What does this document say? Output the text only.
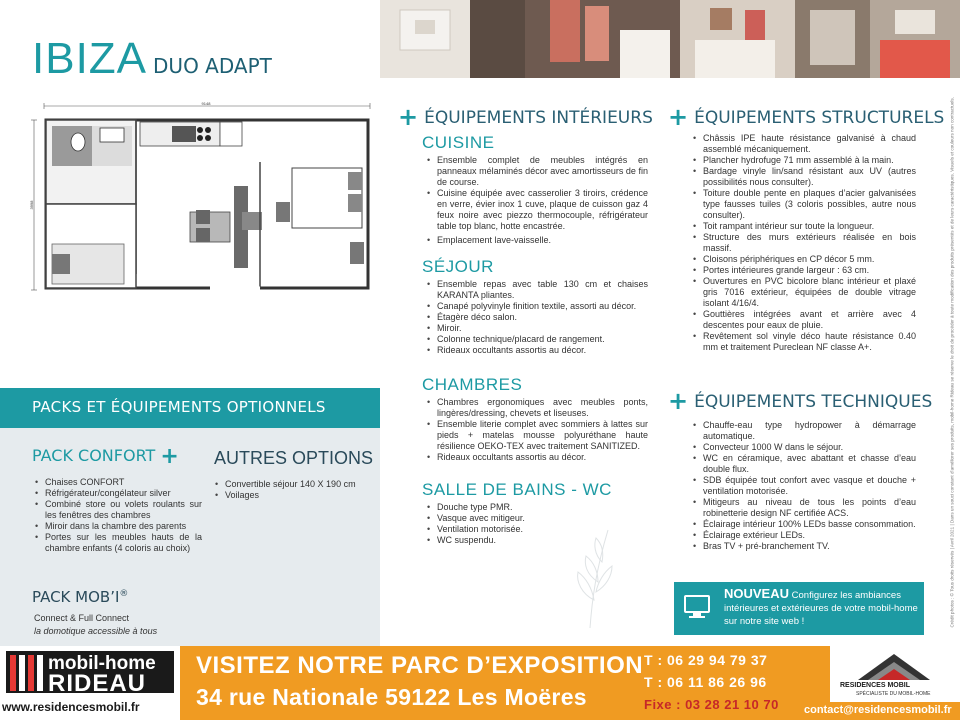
IBIZA DUO ADAPT
9148
3998
+ ÉQUIPEMENTS INTÉRIEURS
CUISINE
• Ensemble complet de meubles intégrés en panneaux mélaminés décor avec amortisseurs de fin de course.
• Cuisine équipée avec casserolier 3 tiroirs, crédence en verre, évier inox 1 cuve, plaque de cuisson gaz 4 feux noire avec piezzo thermocouple, réfrigérateur table top blanc, hotte encastrée.
• Emplacement lave-vaisselle.
SÉJOUR
• Ensemble repas avec table 130 cm et chaises KARANTA pliantes.
• Canapé polyvinyle finition textile, assorti au décor.
• Étagère déco salon.
• Miroir.
• Colonne technique/placard de rangement.
• Rideaux occultants assortis au décor.
CHAMBRES
• Chambres ergonomiques avec meubles ponts, lingères/dressing, chevets et liseuses.
• Ensemble literie complet avec sommiers à lattes sur pieds + matelas mousse polyuréthane haute résilience OEKO-TEX avec traitement SANITIZED.
• Rideaux occultants assortis au décor.
SALLE DE BAINS - WC
• Douche type PMR.
• Vasque avec mitigeur.
• Ventilation motorisée.
• WC suspendu.
+ ÉQUIPEMENTS STRUCTURELS
• Châssis IPE haute résistance galvanisé à chaud assemblé mécaniquement.
• Plancher hydrofuge 71 mm assemblé à la main.
• Bardage vinyle lin/sand résistant aux UV (autres possibilités nous consulter).
• Toiture double pente en plaques d’acier galvanisées type fausses tuiles (3 coloris possibles, autre nous consulter).
• Toit rampant intérieur sur toute la longueur.
• Structure des murs extérieurs réalisée en bois massif.
• Cloisons périphériques en CP décor 5 mm.
• Portes intérieures grande largeur : 63 cm.
• Ouvertures en PVC bicolore blanc intérieur et plaxé gris 7016 extérieur, équipées de double vitrage isolant 4/16/4.
• Gouttières intégrées avant et arrière avec 4 descentes pour eaux de pluie.
• Revêtement sol vinyle déco haute résistance 0.40 mm et traitement Pureclean NF classe A+.
+ ÉQUIPEMENTS TECHNIQUES
• Chauffe-eau type hydropower à démarrage automatique.
• Convecteur 1000 W dans le séjour.
• WC en céramique, avec abattant et chasse d’eau double flux.
• SDB équipée tout confort avec vasque et douche + ventilation motorisée.
• Mitigeurs au niveau de tous les points d’eau robinetterie design NF certifiée ACS.
• Éclairage intérieur 100% LEDs basse consommation.
• Éclairage extérieur LEDs.
• Bras TV + pré-branchement TV.
PACKS ET ÉQUIPEMENTS OPTIONNELS
PACK CONFORT +
• Chaises CONFORT
• Réfrigérateur/congélateur silver
• Combiné store ou volets roulants sur les fenêtres des chambres
• Miroir dans la chambre des parents
• Portes sur les meubles hauts de la chambre enfants (4 coloris au choix)
AUTRES OPTIONS
• Convertible séjour 140 X 190 cm
• Voilages
PACK MOB’I®
Connect & Full Connect
la domotique accessible à tous
NOUVEAU Configurez les ambiances intérieures et extérieures de votre mobil-home sur notre site web !	Crédit photos : © Tous droits réservés | Avril 2021 | Dans un souci constant d’améliorer ses produits, mobil-home Rideau se réserve le droit de procéder à toute modification des produits présentés et de leurs caractéristiques. Visuels et couleurs non contractuels.
mobil-home
RIDEAU
www.residencesmobil.fr
VISITEZ NOTRE PARC D’EXPOSITION
34 rue Nationale 59122 Les Moëres
T : 06 29 94 79 37
T : 06 11 86 26 96
Fixe : 03 28 21 10 70
RESIDENCES MOBIL
SPÉCIALISTE DU MOBIL-HOME
contact@residencesmobil.fr
